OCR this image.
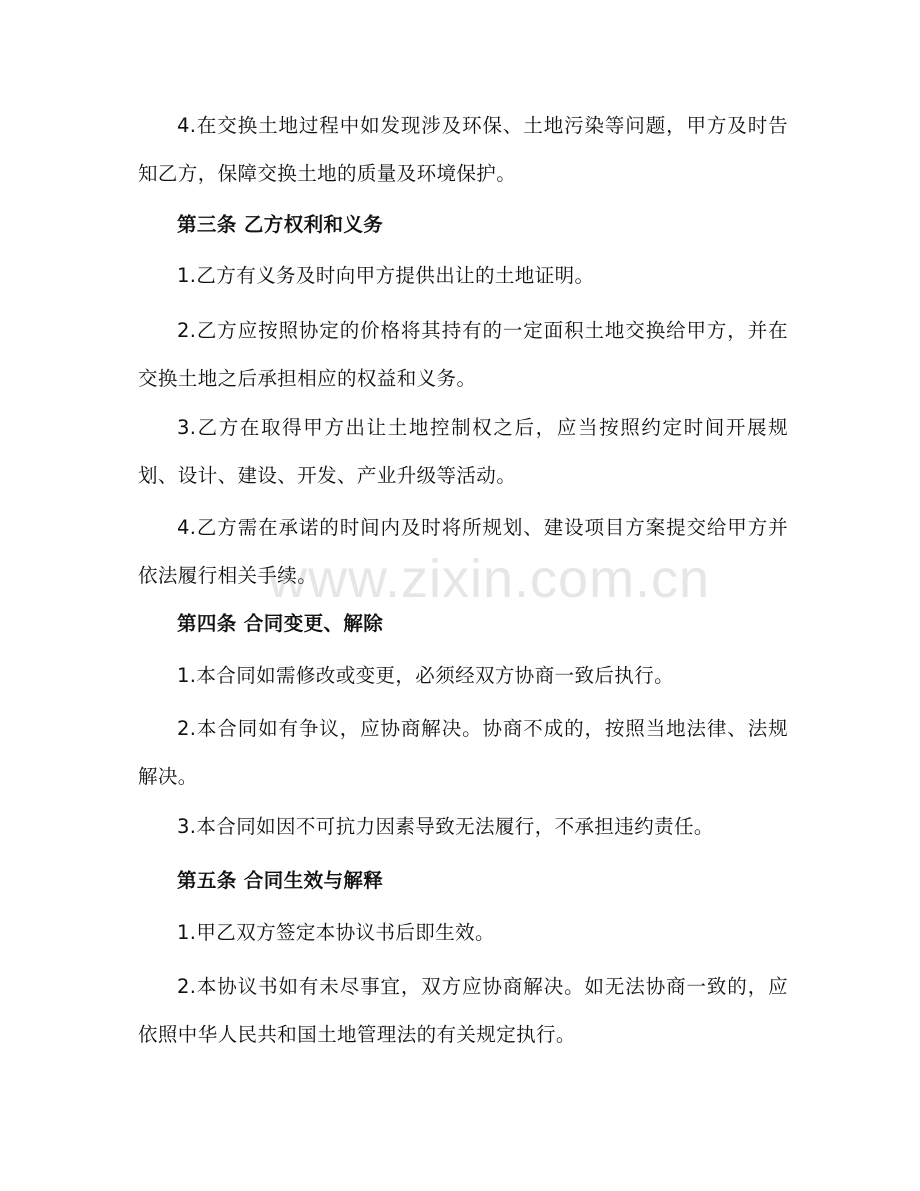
www.zixin.com.cn

4.在交换土地过程中如发现涉及环保、土地污染等问题，甲方及时告知乙方，保障交换土地的质量及环境保护。

第三条 乙方权利和义务

1.乙方有义务及时向甲方提供出让的土地证明。

2.乙方应按照协定的价格将其持有的一定面积土地交换给甲方，并在交换土地之后承担相应的权益和义务。

3.乙方在取得甲方出让土地控制权之后，应当按照约定时间开展规划、设计、建设、开发、产业升级等活动。

4.乙方需在承诺的时间内及时将所规划、建设项目方案提交给甲方并依法履行相关手续。

第四条 合同变更、解除

1.本合同如需修改或变更，必须经双方协商一致后执行。

2.本合同如有争议，应协商解决。协商不成的，按照当地法律、法规解决。

3.本合同如因不可抗力因素导致无法履行，不承担违约责任。

第五条 合同生效与解释

1.甲乙双方签定本协议书后即生效。

2.本协议书如有未尽事宜，双方应协商解决。如无法协商一致的，应依照中华人民共和国土地管理法的有关规定执行。
